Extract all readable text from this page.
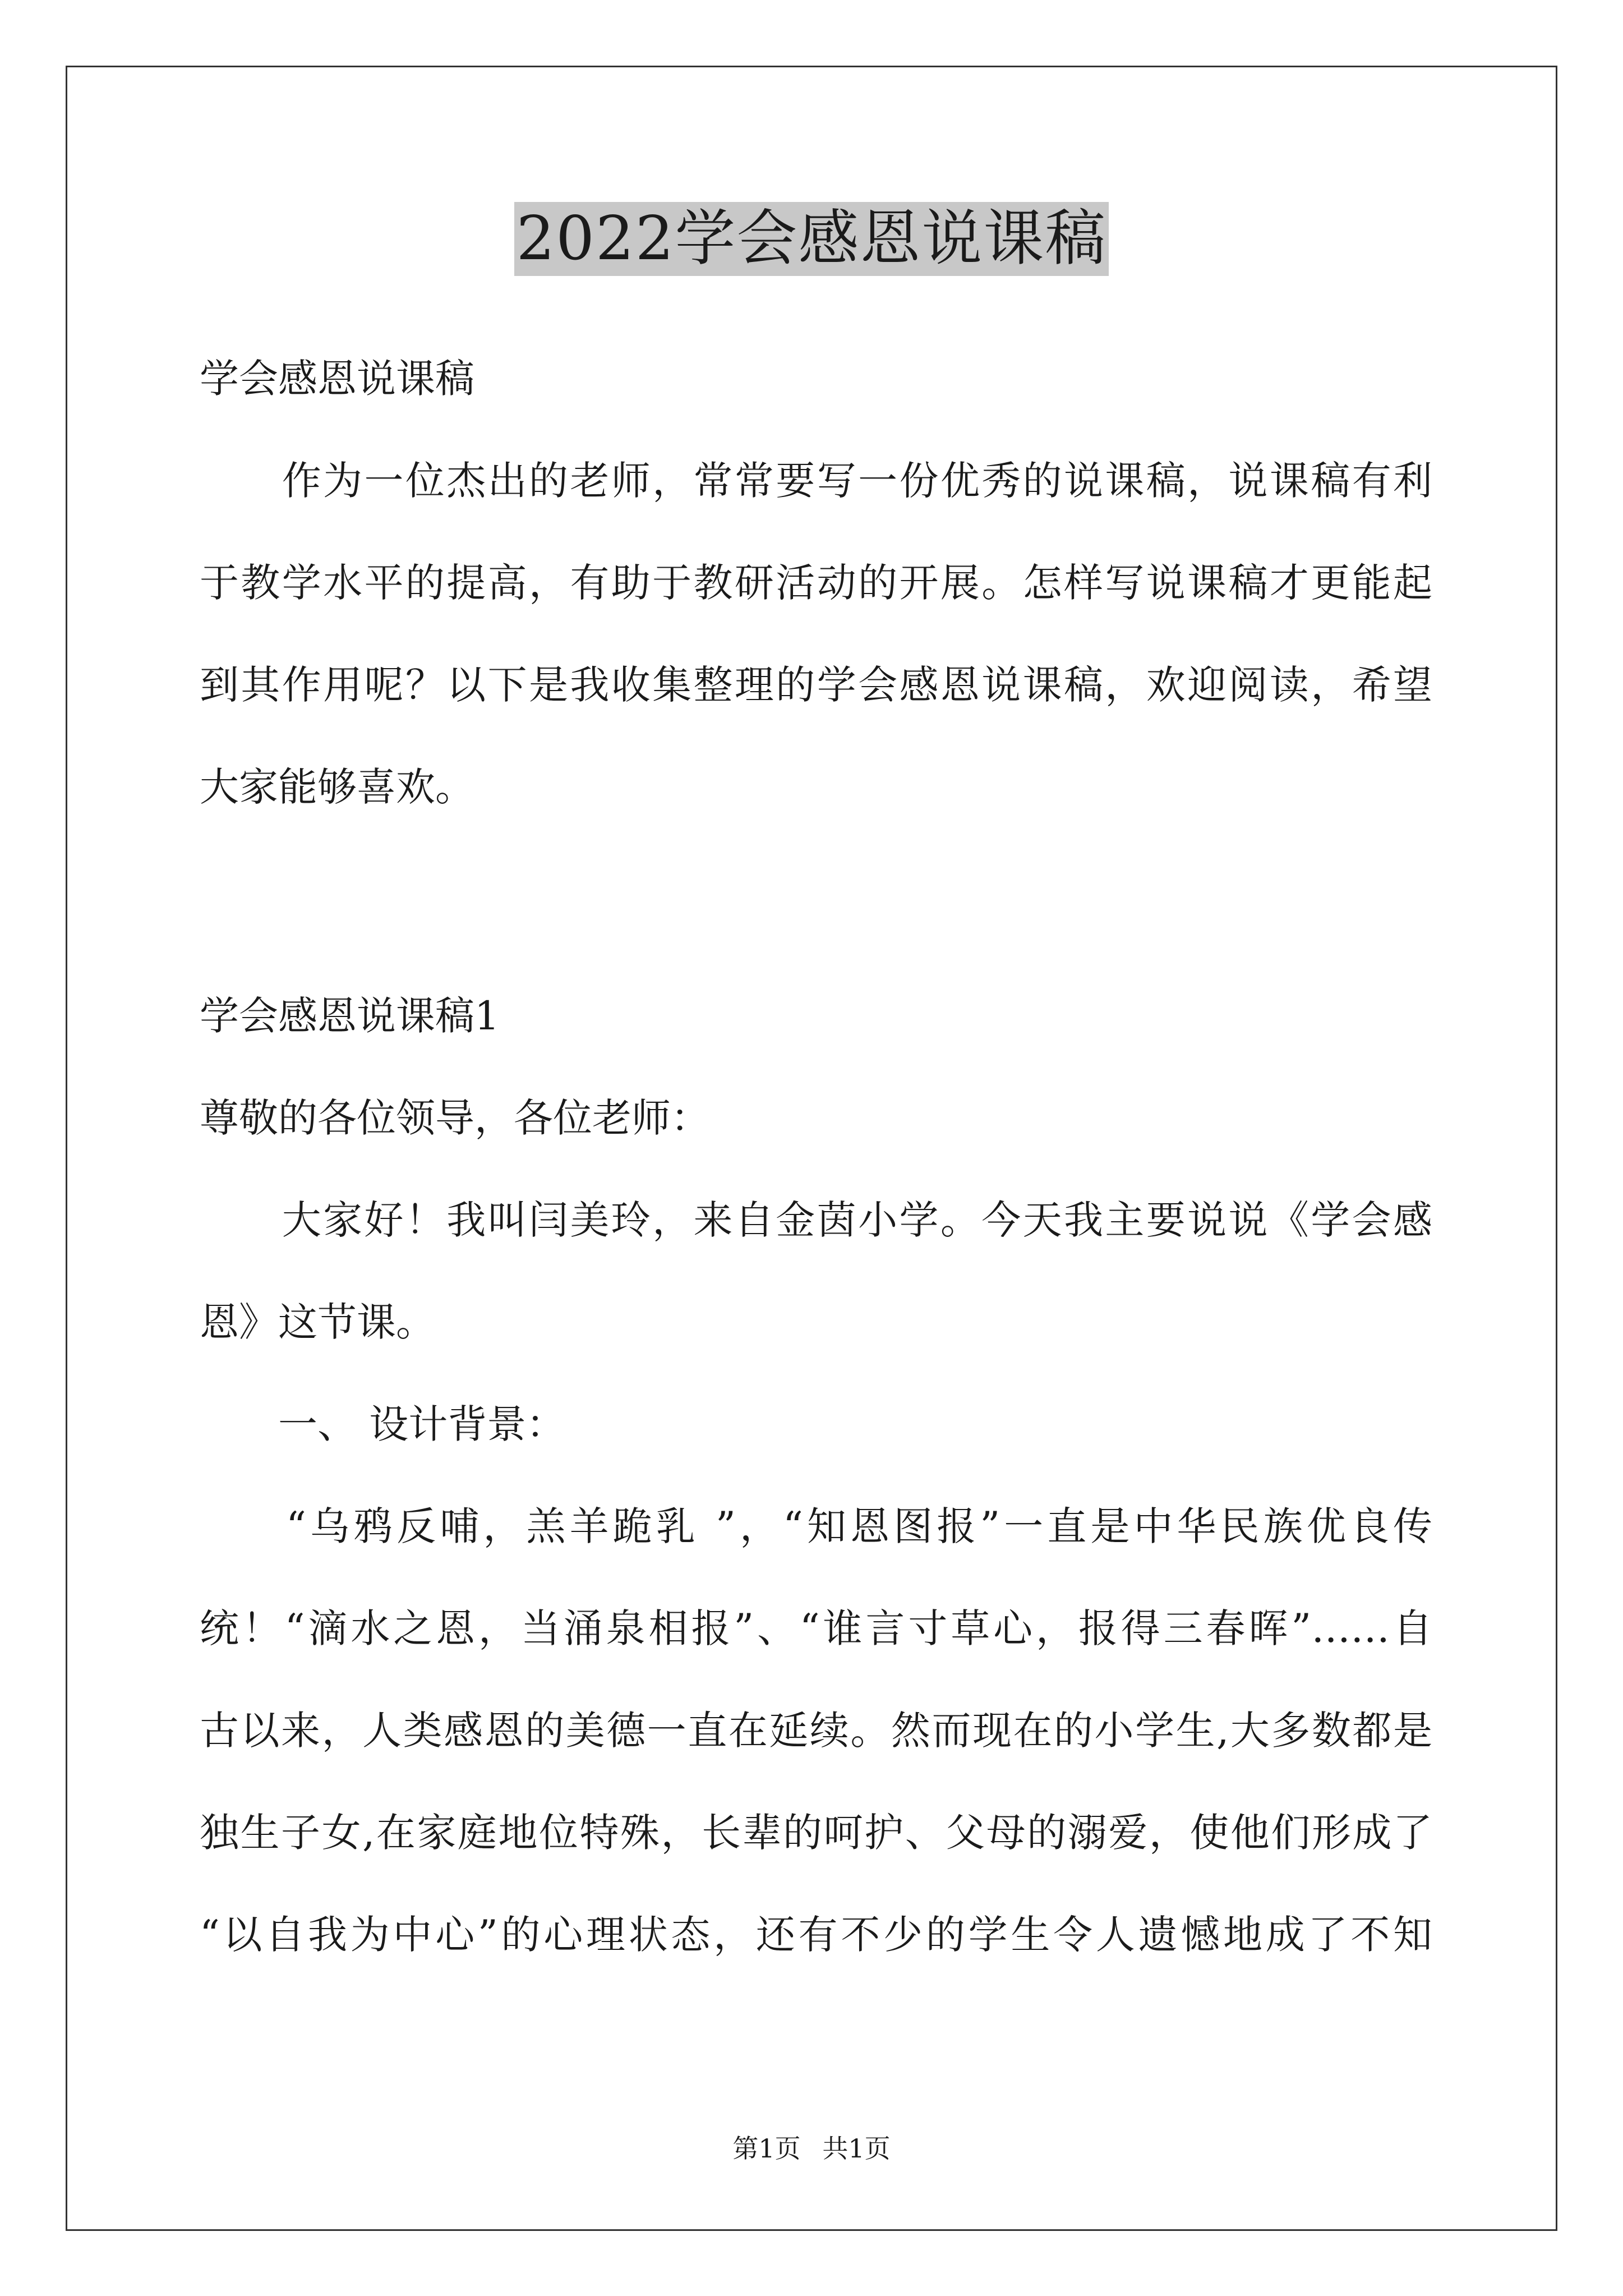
2022学会感恩说课稿
学会感恩说课稿
　　作为一位杰出的老师，常常要写一份优秀的说课稿，说课稿有利
于教学水平的提高，有助于教研活动的开展。怎样写说课稿才更能起
到其作用呢？以下是我收集整理的学会感恩说课稿，欢迎阅读，希望
大家能够喜欢。
学会感恩说课稿1
尊敬的各位领导，各位老师：
　　大家好！我叫闫美玲，来自金茵小学。今天我主要说说《学会感
恩》这节课。
　　一、 设计背景：
　　“乌鸦反哺，羔羊跪乳 ”，“知恩图报”一直是中华民族优良传
统！“滴水之恩，当涌泉相报”、“谁言寸草心，报得三春晖”……自
古以来，人类感恩的美德一直在延续。然而现在的小学生,大多数都是
独生子女,在家庭地位特殊，长辈的呵护、父母的溺爱，使他们形成了
“以自我为中心”的心理状态，还有不少的学生令人遗憾地成了不知
第1页 共1页
